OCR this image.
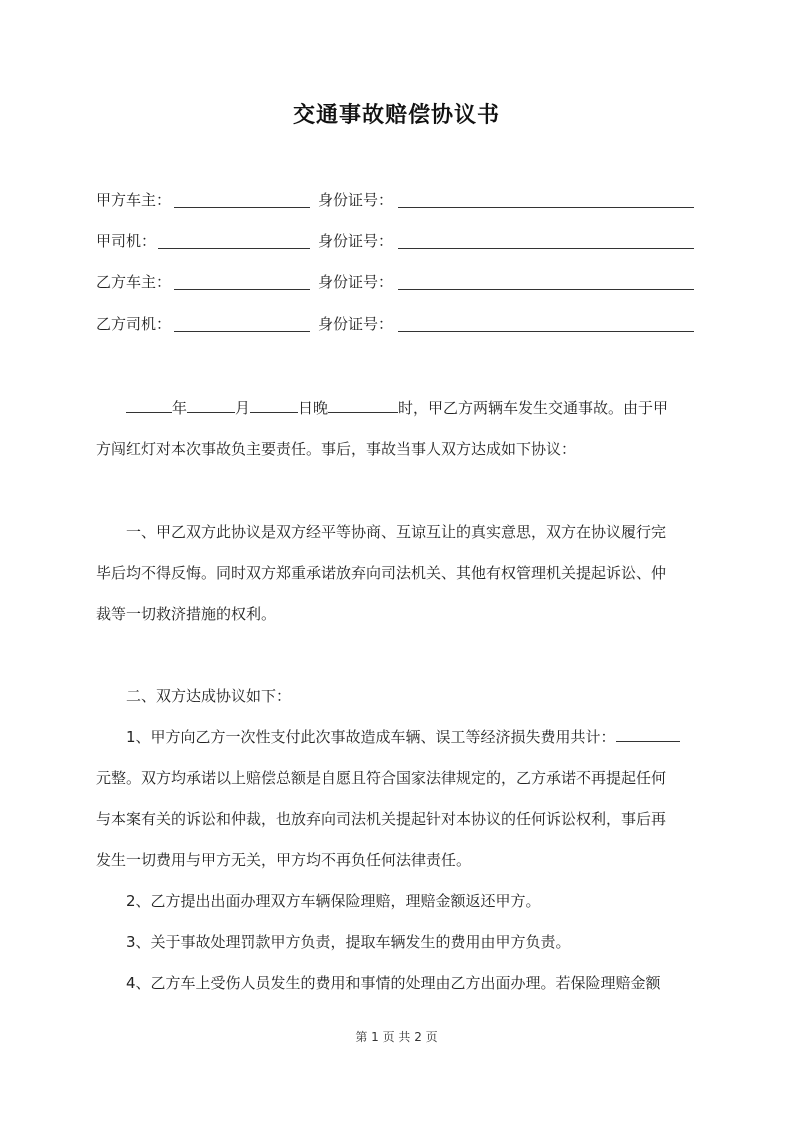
交通事故赔偿协议书
甲方车主：	身份证号：
甲司机：	身份证号：
乙方车主：	身份证号：
乙方司机：	身份证号：
年	月	日晚	时，甲乙方两辆车发生交通事故。由于甲
方闯红灯对本次事故负主要责任。事后，事故当事人双方达成如下协议：
一、甲乙双方此协议是双方经平等协商、互谅互让的真实意思，双方在协议履行完
毕后均不得反悔。同时双方郑重承诺放弃向司法机关、其他有权管理机关提起诉讼、仲
裁等一切救济措施的权利。
二、双方达成协议如下：
1、甲方向乙方一次性支付此次事故造成车辆、误工等经济损失费用共计：
元整。双方均承诺以上赔偿总额是自愿且符合国家法律规定的，乙方承诺不再提起任何
与本案有关的诉讼和仲裁，也放弃向司法机关提起针对本协议的任何诉讼权利，事后再
发生一切费用与甲方无关，甲方均不再负任何法律责任。
2、乙方提出出面办理双方车辆保险理赔，理赔金额返还甲方。
3、关于事故处理罚款甲方负责，提取车辆发生的费用由甲方负责。
4、乙方车上受伤人员发生的费用和事情的处理由乙方出面办理。若保险理赔金额
第 1 页 共 2 页
